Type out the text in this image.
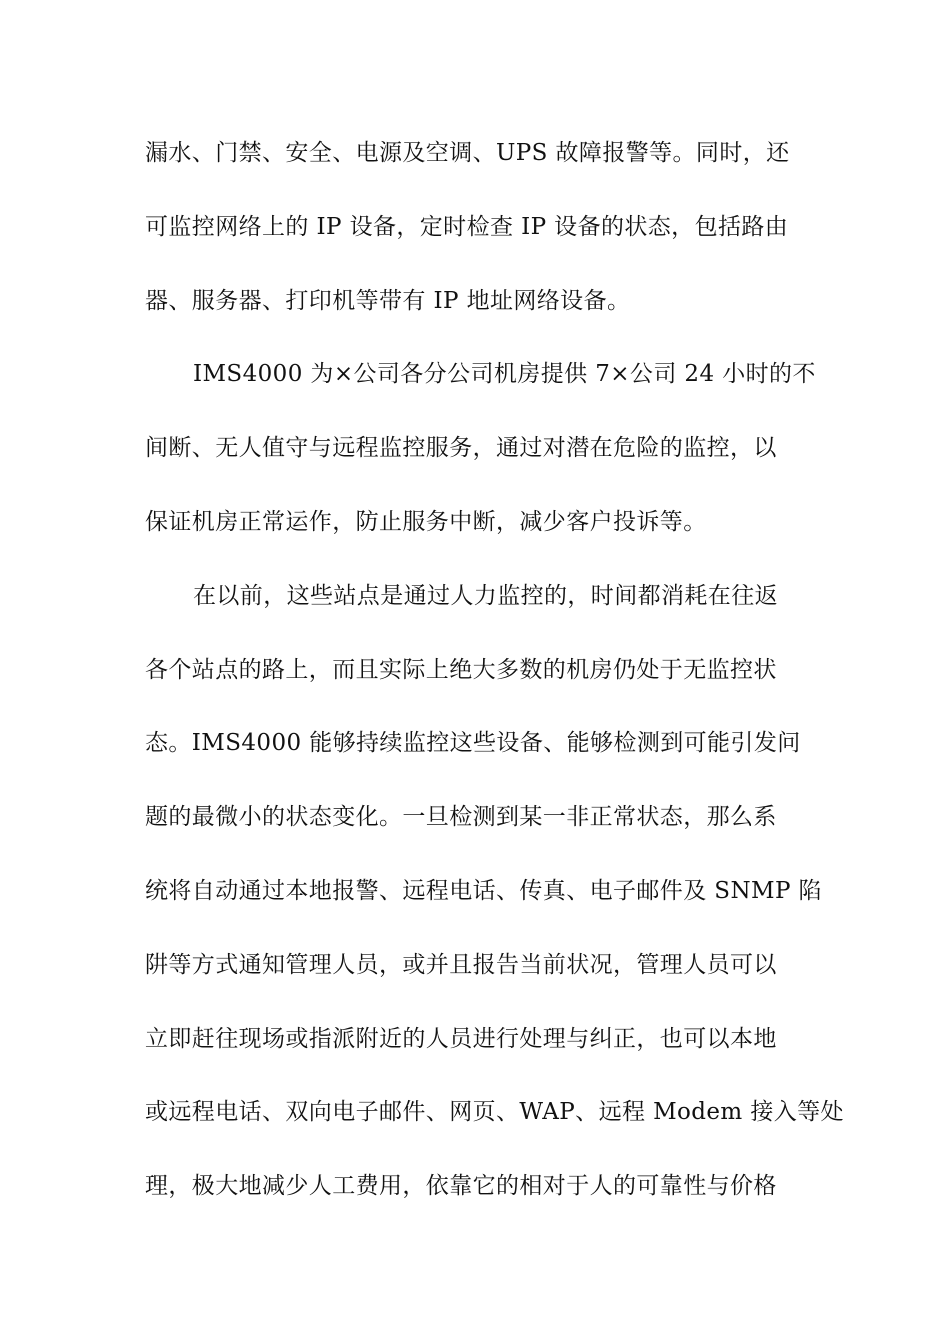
漏水、门禁、安全、电源及空调、UPS 故障报警等。同时，还
可监控网络上的 IP 设备，定时检查 IP 设备的状态，包括路由
器、服务器、打印机等带有 IP 地址网络设备。
IMS4000 为×公司各分公司机房提供 7×公司 24 小时的不
间断、无人值守与远程监控服务，通过对潜在危险的监控，以
保证机房正常运作，防止服务中断，减少客户投诉等。
在以前，这些站点是通过人力监控的，时间都消耗在往返
各个站点的路上，而且实际上绝大多数的机房仍处于无监控状
态。IMS4000 能够持续监控这些设备、能够检测到可能引发问
题的最微小的状态变化。一旦检测到某一非正常状态，那么系
统将自动通过本地报警、远程电话、传真、电子邮件及 SNMP 陷
阱等方式通知管理人员，或并且报告当前状况，管理人员可以
立即赶往现场或指派附近的人员进行处理与纠正，也可以本地
或远程电话、双向电子邮件、网页、WAP、远程 Modem 接入等处
理，极大地减少人工费用，依靠它的相对于人的可靠性与价格
